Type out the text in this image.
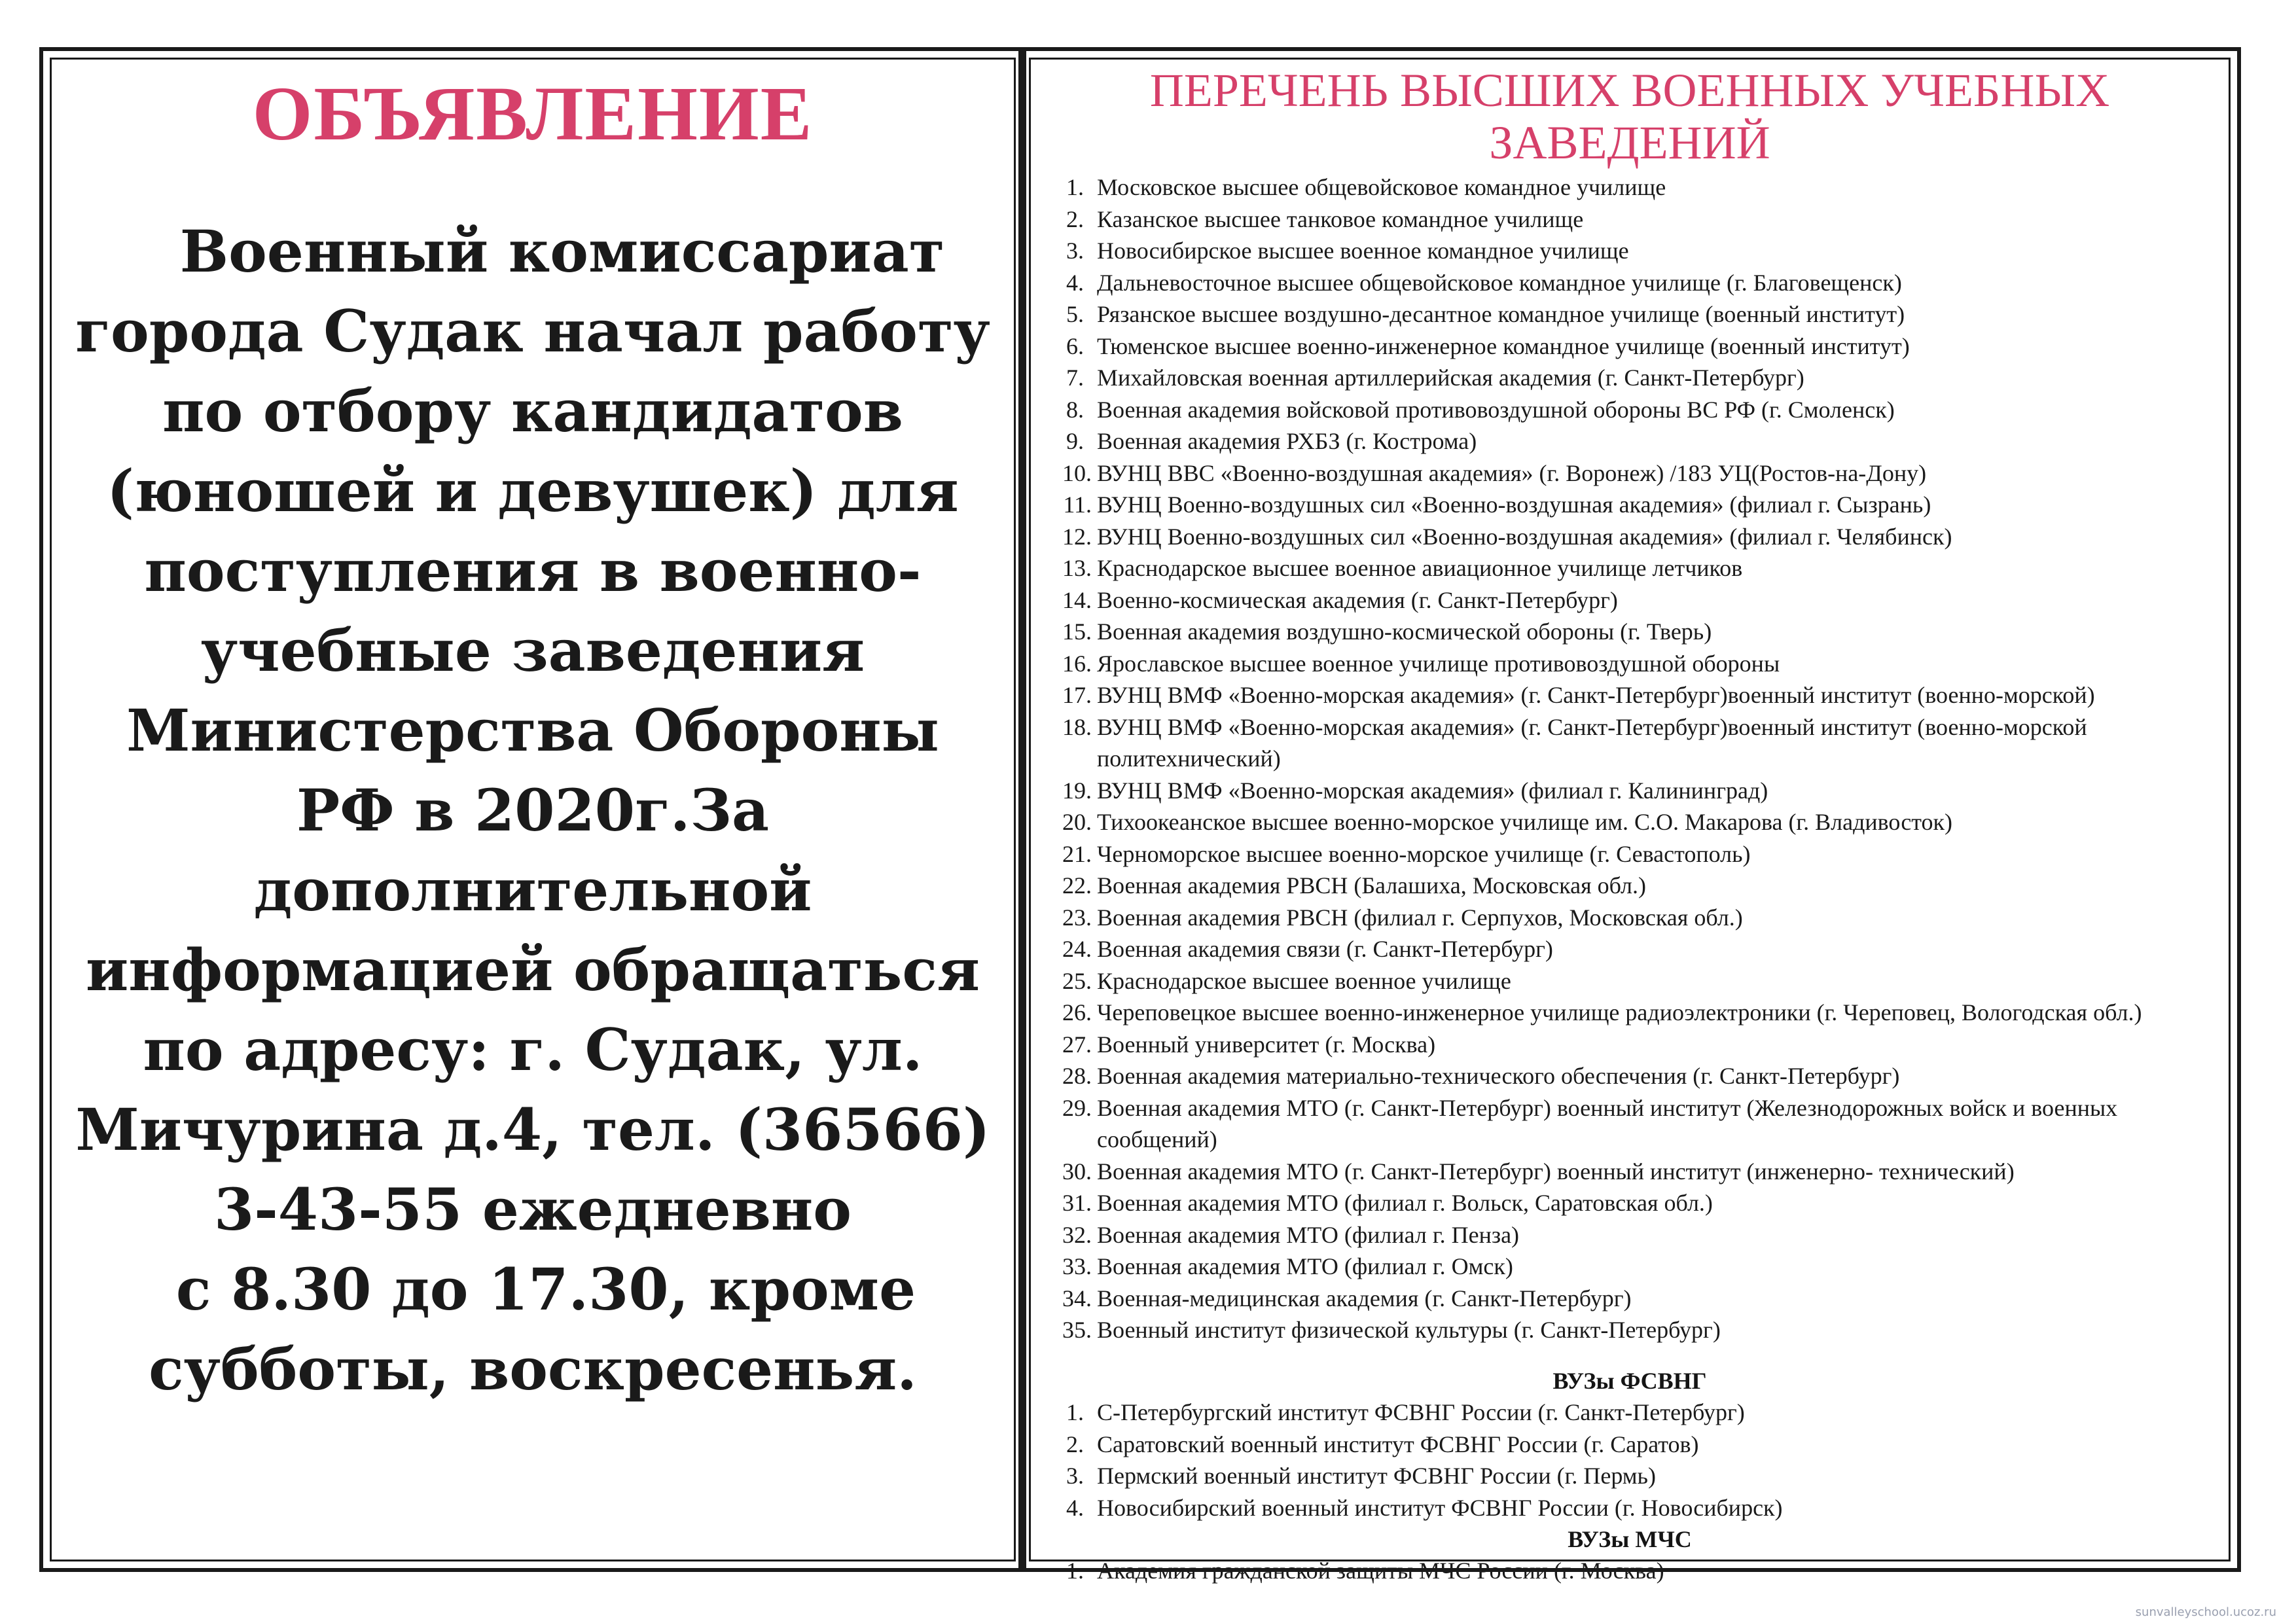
ОБЪЯВЛЕНИЕ
Военный комиссариат
города Судак начал работу
по отбору кандидатов
(юношей и девушек) для
поступления в военно-
учебные заведения
Министерства Обороны
РФ в 2020г.За
дополнительной
информацией обращаться
по адресу: г. Судак, ул.
Мичурина д.4, тел. (36566)
3-43-55 ежедневно
с 8.30 до 17.30, кроме
субботы, воскресенья.
ПЕРЕЧЕНЬ ВЫСШИХ ВОЕННЫХ УЧЕБНЫХ
ЗАВЕДЕНИЙ
1. Московское высшее общевойсковое командное училище
2. Казанское высшее танковое командное училище
3. Новосибирское высшее военное командное училище
4. Дальневосточное высшее общевойсковое командное училище (г. Благовещенск)
5. Рязанское высшее воздушно-десантное командное училище (военный институт)
6. Тюменское высшее военно-инженерное командное училище (военный институт)
7. Михайловская военная артиллерийская академия (г. Санкт-Петербург)
8. Военная академия войсковой противовоздушной обороны ВС РФ (г. Смоленск)
9. Военная академия РХБЗ (г. Кострома)
10. ВУНЦ ВВС «Военно-воздушная академия» (г. Воронеж) /183 УЦ(Ростов-на-Дону)
11. ВУНЦ Военно-воздушных сил «Военно-воздушная академия» (филиал г. Сызрань)
12. ВУНЦ Военно-воздушных сил «Военно-воздушная академия» (филиал г. Челябинск)
13. Краснодарское высшее военное авиационное училище летчиков
14. Военно-космическая академия (г. Санкт-Петербург)
15. Военная академия воздушно-космической обороны (г. Тверь)
16. Ярославское высшее военное училище противовоздушной обороны
17. ВУНЦ ВМФ «Военно-морская академия» (г. Санкт-Петербург)военный институт (военно-морской)
18. ВУНЦ ВМФ «Военно-морская академия» (г. Санкт-Петербург)военный институт (военно-морской политехнический)
19. ВУНЦ ВМФ «Военно-морская академия» (филиал г. Калининград)
20. Тихоокеанское высшее военно-морское училище им. С.О. Макарова (г. Владивосток)
21. Черноморское высшее военно-морское училище (г. Севастополь)
22. Военная академия РВСН (Балашиха, Московская обл.)
23. Военная академия РВСН (филиал г. Серпухов, Московская обл.)
24. Военная академия связи (г. Санкт-Петербург)
25. Краснодарское высшее военное училище
26. Череповецкое высшее военно-инженерное училище радиоэлектроники (г. Череповец, Вологодская обл.)
27. Военный университет (г. Москва)
28. Военная академия материально-технического обеспечения (г. Санкт-Петербург)
29. Военная академия МТО (г. Санкт-Петербург) военный институт (Железнодорожных войск и военных сообщений)
30. Военная академия МТО (г. Санкт-Петербург) военный институт (инженерно- технический)
31. Военная академия МТО (филиал г. Вольск, Саратовская обл.)
32. Военная академия МТО (филиал г. Пенза)
33. Военная академия МТО (филиал г. Омск)
34. Военная-медицинская академия (г. Санкт-Петербург)
35. Военный институт физической культуры (г. Санкт-Петербург)
ВУЗы ФСВНГ
1. С-Петербургский институт ФСВНГ России (г. Санкт-Петербург)
2. Саратовский военный институт ФСВНГ России (г. Саратов)
3. Пермский военный институт ФСВНГ России (г. Пермь)
4. Новосибирский военный институт ФСВНГ России (г. Новосибирск)
ВУЗы МЧС
1. Академия гражданской защиты МЧС России (г. Москва)
sunvalleyschool.ucoz.ru
